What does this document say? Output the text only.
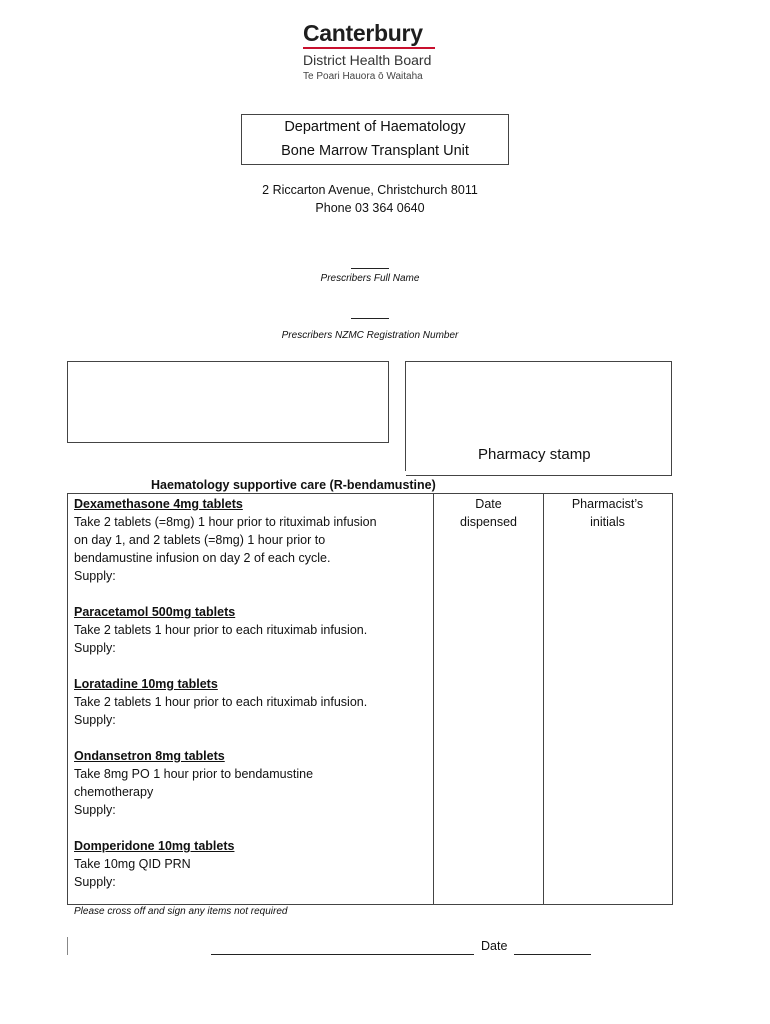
Canterbury
District Health Board
Te Poari Hauora ō Waitaha
Department of Haematology
Bone Marrow Transplant Unit
2 Riccarton Avenue, Christchurch 8011
Phone 03 364 0640
Prescribers Full Name
Prescribers NZMC Registration Number
Pharmacy stamp
Haematology supportive care (R-bendamustine)
Date
dispensed
Pharmacist’s
initials
Dexamethasone 4mg tablets
Take 2 tablets (=8mg) 1 hour prior to rituximab infusion
on day 1, and 2 tablets (=8mg) 1 hour prior to
bendamustine infusion on day 2 of each cycle.
Supply:
Paracetamol 500mg tablets
Take 2 tablets 1 hour prior to each rituximab infusion.
Supply:
Loratadine 10mg tablets
Take 2 tablets 1 hour prior to each rituximab infusion.
Supply:
Ondansetron 8mg tablets
Take 8mg PO 1 hour prior to bendamustine
chemotherapy
Supply:
Domperidone 10mg tablets
Take 10mg QID PRN
Supply:
Please cross off and sign any items not required
Date
